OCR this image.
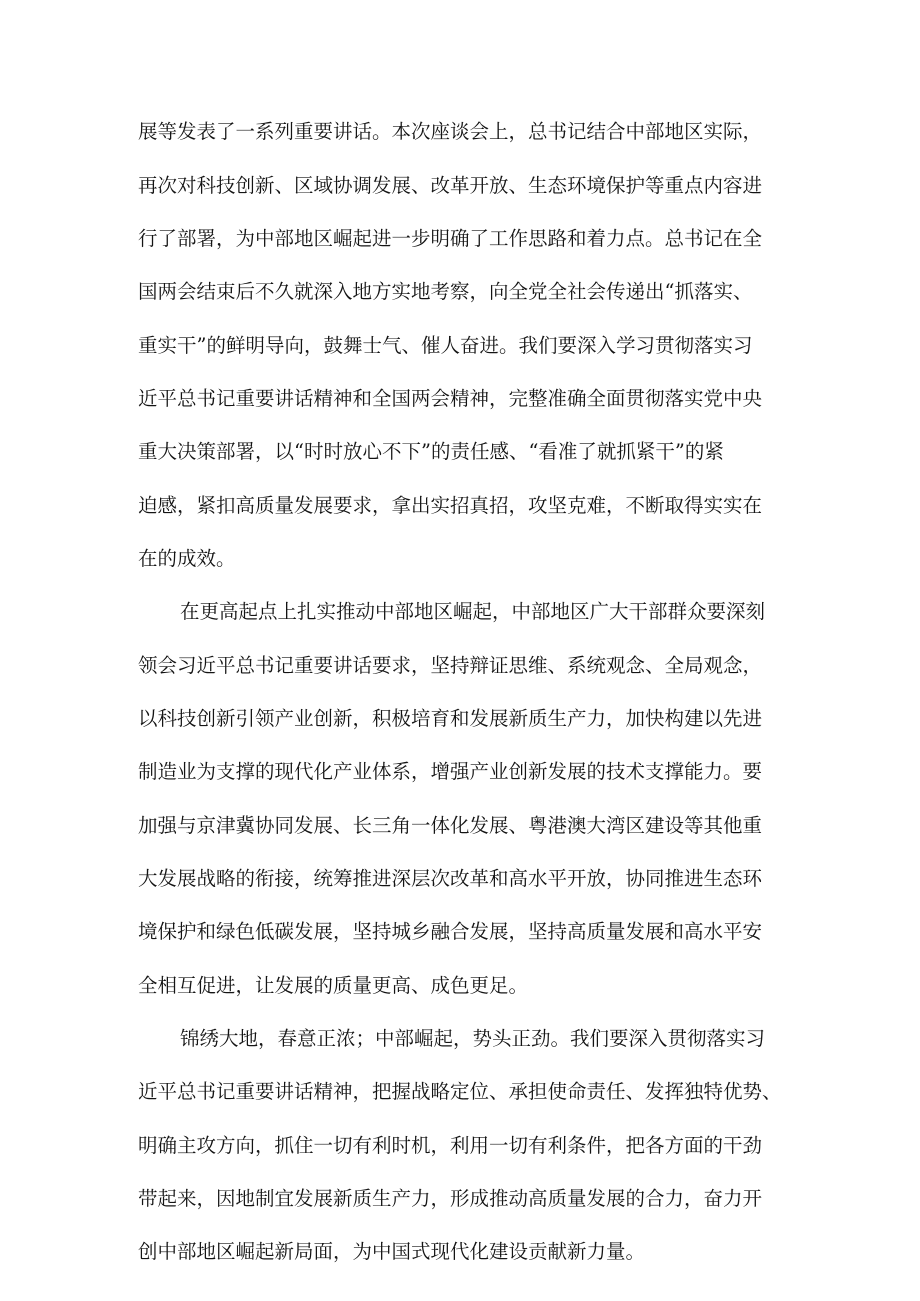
展等发表了一系列重要讲话。本次座谈会上，总书记结合中部地区实际，
再次对科技创新、区域协调发展、改革开放、生态环境保护等重点内容进
行了部署，为中部地区崛起进一步明确了工作思路和着力点。总书记在全
国两会结束后不久就深入地方实地考察，向全党全社会传递出“抓落实、
重实干”的鲜明导向，鼓舞士气、催人奋进。我们要深入学习贯彻落实习
近平总书记重要讲话精神和全国两会精神，完整准确全面贯彻落实党中央
重大决策部署，以“时时放心不下”的责任感、“看准了就抓紧干”的紧
迫感，紧扣高质量发展要求，拿出实招真招，攻坚克难，不断取得实实在
在的成效。
在更高起点上扎实推动中部地区崛起，中部地区广大干部群众要深刻
领会习近平总书记重要讲话要求，坚持辩证思维、系统观念、全局观念，
以科技创新引领产业创新，积极培育和发展新质生产力，加快构建以先进
制造业为支撑的现代化产业体系，增强产业创新发展的技术支撑能力。要
加强与京津冀协同发展、长三角一体化发展、粤港澳大湾区建设等其他重
大发展战略的衔接，统筹推进深层次改革和高水平开放，协同推进生态环
境保护和绿色低碳发展，坚持城乡融合发展，坚持高质量发展和高水平安
全相互促进，让发展的质量更高、成色更足。
锦绣大地，春意正浓；中部崛起，势头正劲。我们要深入贯彻落实习
近平总书记重要讲话精神，把握战略定位、承担使命责任、发挥独特优势、
明确主攻方向，抓住一切有利时机，利用一切有利条件，把各方面的干劲
带起来，因地制宜发展新质生产力，形成推动高质量发展的合力，奋力开
创中部地区崛起新局面，为中国式现代化建设贡献新力量。
